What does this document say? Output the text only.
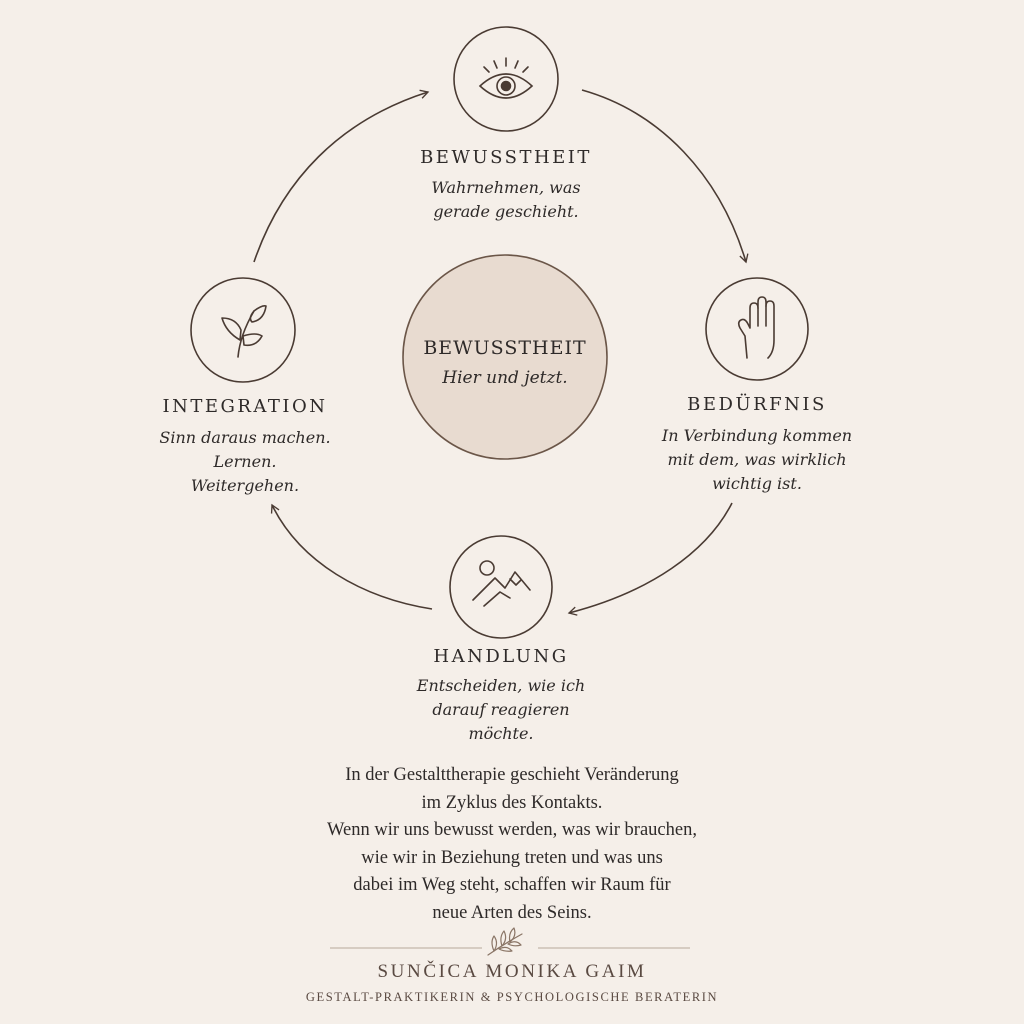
BEWUSSTHEIT
Wahrnehmen, was
gerade geschieht.
BEDÜRFNIS
In Verbindung kommen
mit dem, was wirklich
wichtig ist.
HANDLUNG
Entscheiden, wie ich
darauf reagieren
möchte.
INTEGRATION
Sinn daraus machen.
Lernen.
Weitergehen.
BEWUSSTHEIT
Hier und jetzt.
In der Gestalttherapie geschieht Veränderung
im Zyklus des Kontakts.
Wenn wir uns bewusst werden, was wir brauchen,
wie wir in Beziehung treten und was uns
dabei im Weg steht, schaffen wir Raum für
neue Arten des Seins.
SUNČICA MONIKA GAIM
GESTALT-PRAKTIKERIN & PSYCHOLOGISCHE BERATERIN
